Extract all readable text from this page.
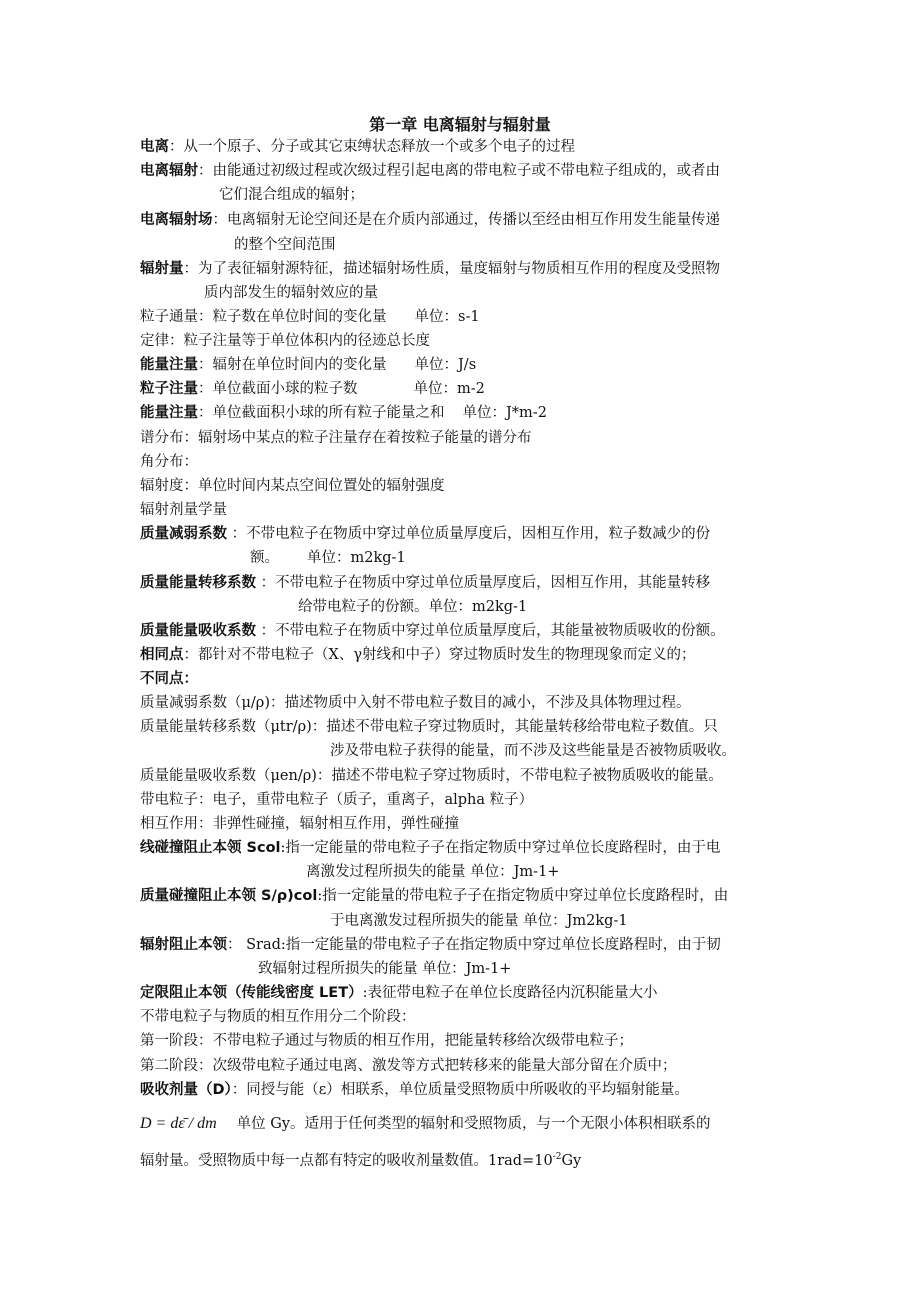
第一章 电离辐射与辐射量
电离：从一个原子、分子或其它束缚状态释放一个或多个电子的过程
电离辐射：由能通过初级过程或次级过程引起电离的带电粒子或不带电粒子组成的，或者由
它们混合组成的辐射；
电离辐射场：电离辐射无论空间还是在介质内部通过，传播以至经由相互作用发生能量传递
的整个空间范围
辐射量：为了表征辐射源特征，描述辐射场性质，量度辐射与物质相互作用的程度及受照物
质内部发生的辐射效应的量
粒子通量：粒子数在单位时间的变化量 单位：s-1
定律：粒子注量等于单位体积内的径迹总长度
能量注量：辐射在单位时间内的变化量 单位：J/s
粒子注量：单位截面小球的粒子数	单位：m-2
能量注量：单位截面积小球的所有粒子能量之和 单位：J*m-2
谱分布：辐射场中某点的粒子注量存在着按粒子能量的谱分布
角分布：
辐射度：单位时间内某点空间位置处的辐射强度
辐射剂量学量
质量减弱系数 ：不带电粒子在物质中穿过单位质量厚度后，因相互作用，粒子数减少的份
额。 单位：m2kg-1
质量能量转移系数 ：不带电粒子在物质中穿过单位质量厚度后，因相互作用，其能量转移
给带电粒子的份额。单位：m2kg-1
质量能量吸收系数 ：不带电粒子在物质中穿过单位质量厚度后，其能量被物质吸收的份额。
相同点：都针对不带电粒子（X、γ射线和中子）穿过物质时发生的物理现象而定义的；
不同点：
质量减弱系数（μ/ρ)：描述物质中入射不带电粒子数目的减小，不涉及具体物理过程。
质量能量转移系数（μtr/ρ)：描述不带电粒子穿过物质时，其能量转移给带电粒子数值。只
涉及带电粒子获得的能量，而不涉及这些能量是否被物质吸收。
质量能量吸收系数（μen/ρ)：描述不带电粒子穿过物质时，不带电粒子被物质吸收的能量。
带电粒子：电子，重带电粒子（质子，重离子，alpha 粒子）
相互作用：非弹性碰撞，辐射相互作用，弹性碰撞
线碰撞阻止本领 Scol:指一定能量的带电粒子子在指定物质中穿过单位长度路程时，由于电
离激发过程所损失的能量 单位：Jm-1+
质量碰撞阻止本领 S/ρ)col:指一定能量的带电粒子子在指定物质中穿过单位长度路程时，由
于电离激发过程所损失的能量 单位：Jm2kg-1
辐射阻止本领： Srad:指一定能量的带电粒子子在指定物质中穿过单位长度路程时，由于韧
致辐射过程所损失的能量 单位：Jm-1+
定限阻止本领（传能线密度 LET）:表征带电粒子在单位长度路径内沉积能量大小
不带电粒子与物质的相互作用分二个阶段：
第一阶段：不带电粒子通过与物质的相互作用，把能量转移给次级带电粒子；
第二阶段：次级带电粒子通过电离、激发等方式把转移来的能量大部分留在介质中；
吸收剂量（D）：同授与能（ε）相联系，单位质量受照物质中所吸收的平均辐射能量。
D = dε̄ / dm 单位 Gy。适用于任何类型的辐射和受照物质，与一个无限小体积相联系的
辐射量。受照物质中每一点都有特定的吸收剂量数值。$1rad=10^{-2}Gy$
